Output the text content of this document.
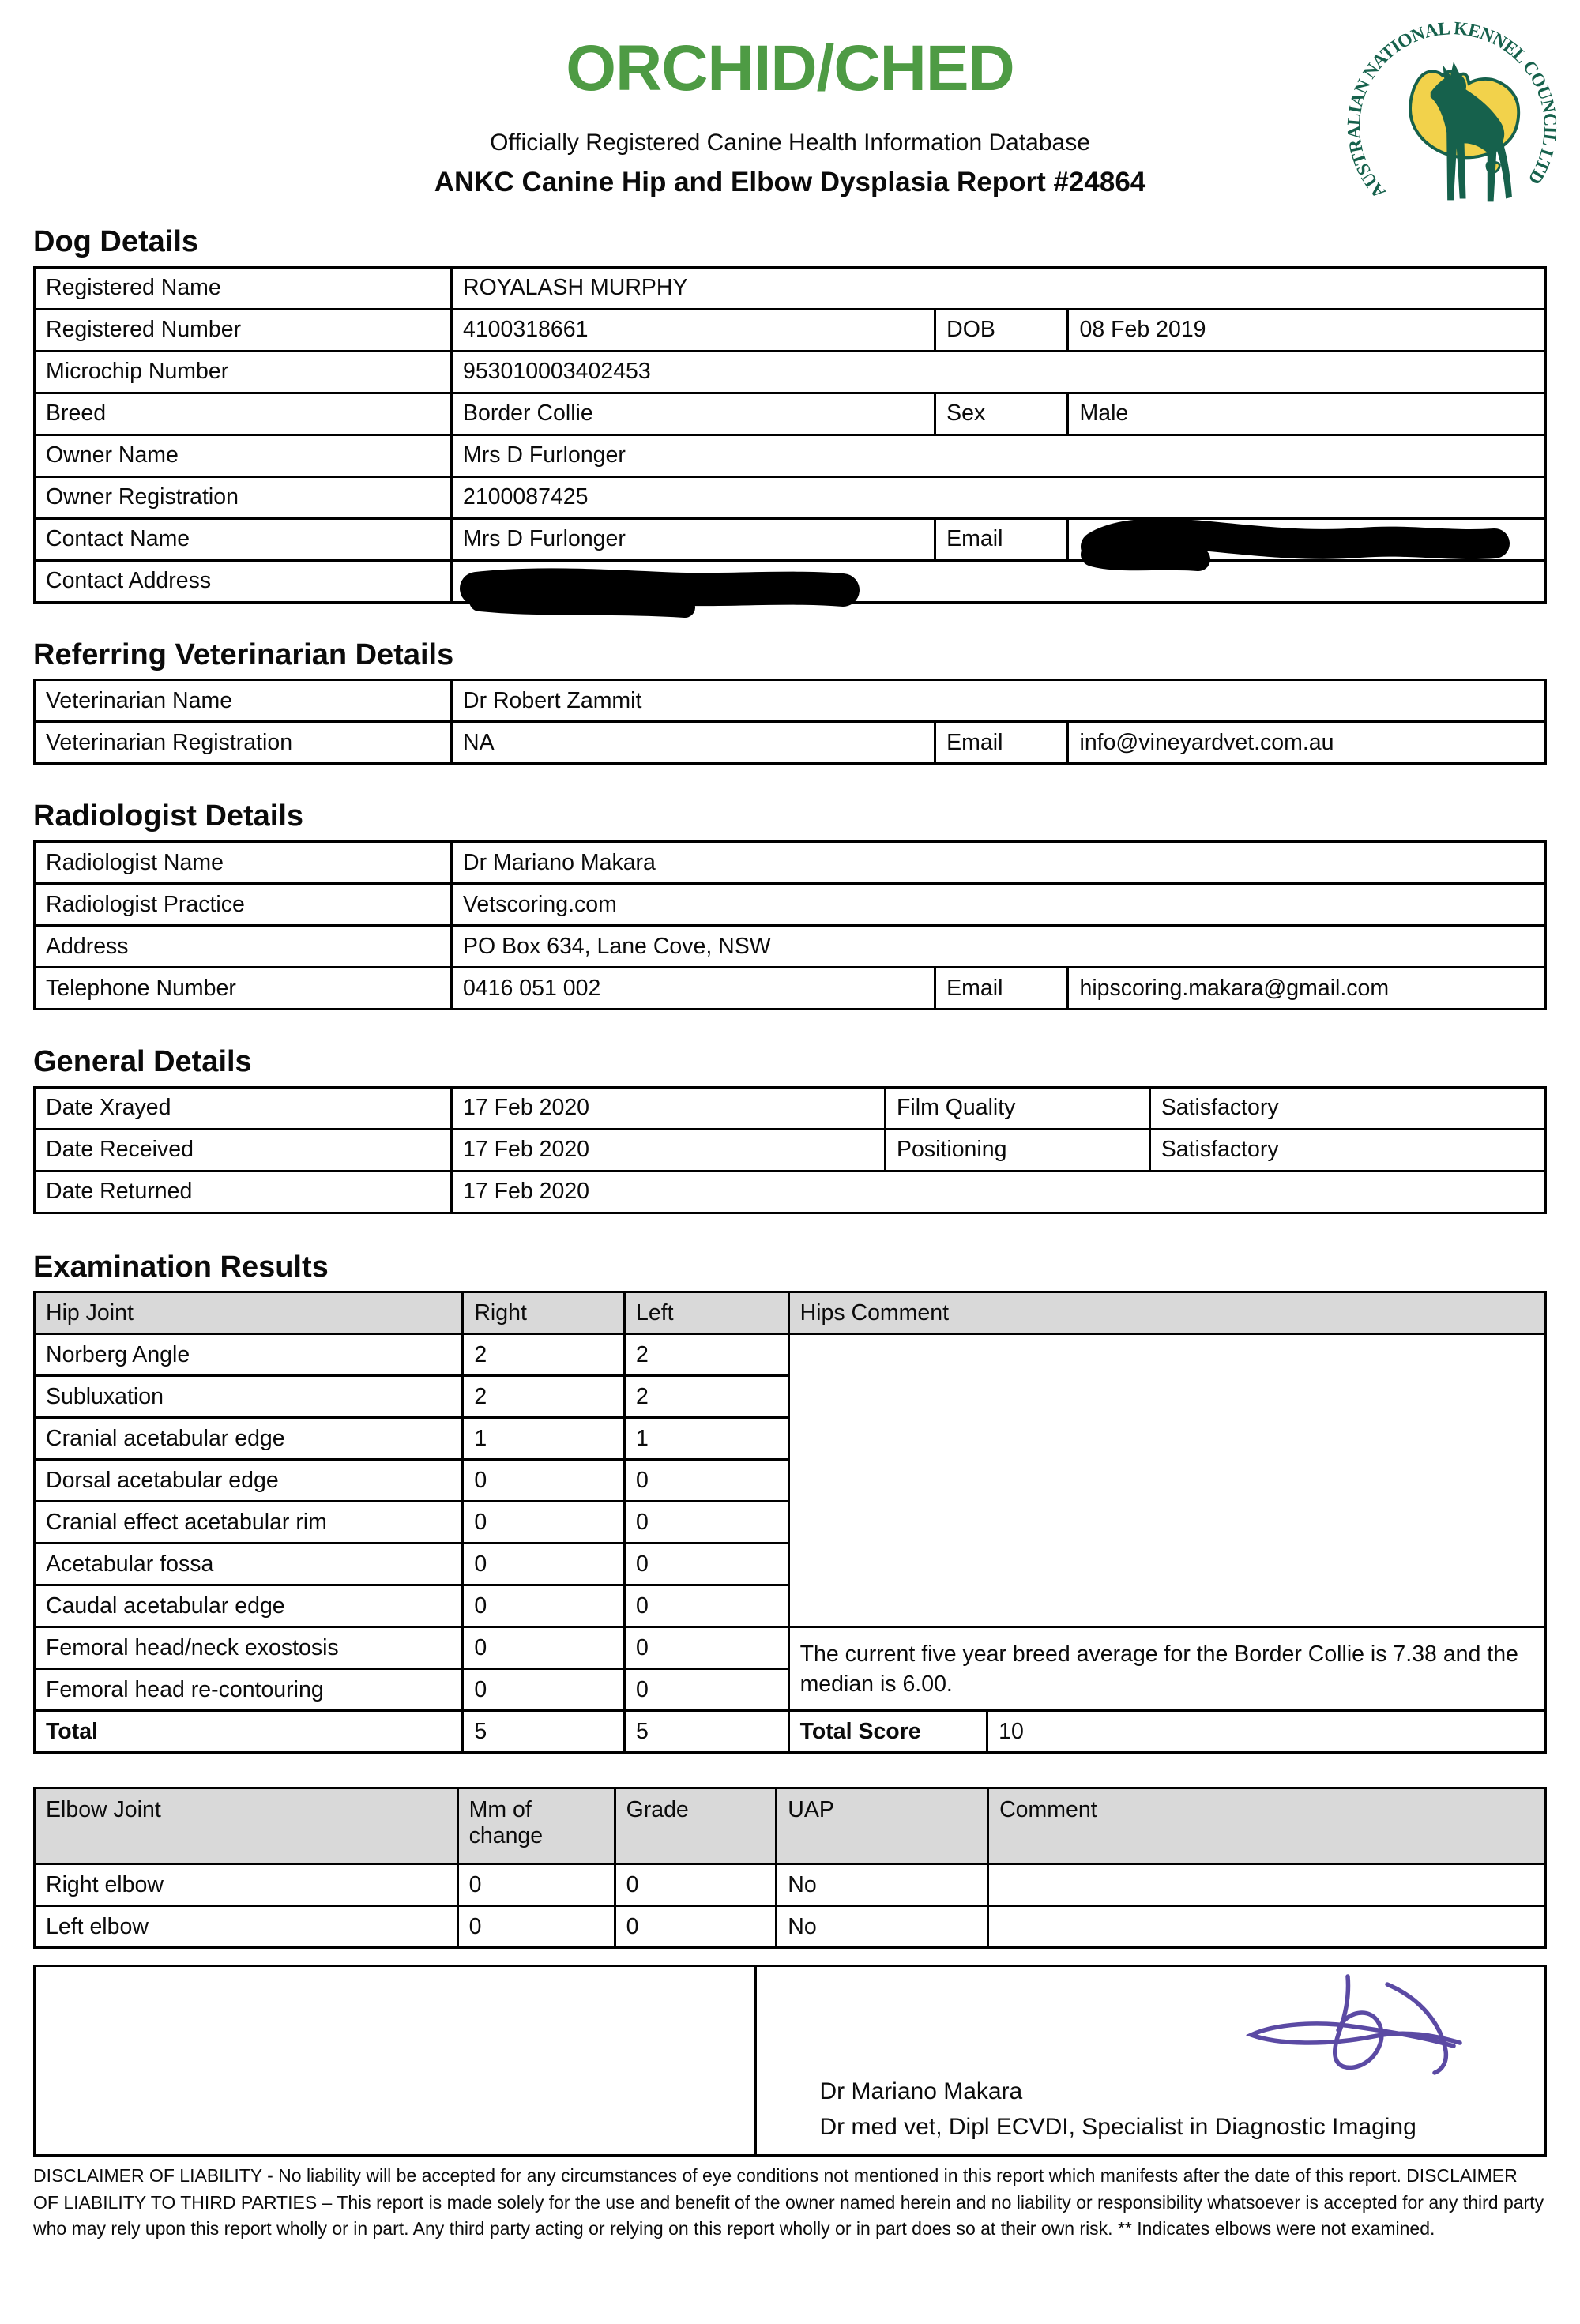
AUSTRALIAN NATIONAL KENNEL COUNCIL LTD
ORCHID/CHED
Officially Registered Canine Health Information Database
ANKC Canine Hip and Elbow Dysplasia Report #24864
Dog Details
Registered Name	ROYALASH MURPHY		
Registered Number	4100318661	DOB	08 Feb 2019
Microchip Number	953010003402453		
Breed	Border Collie	Sex	Male
Owner Name	Mrs D Furlonger		
Owner Registration	2100087425		
Contact Name	Mrs D Furlonger	Email	

Contact Address	
Referring Veterinarian Details
Veterinarian Name	Dr Robert Zammit		
Veterinarian Registration	NA	Email	info@vineyardvet.com.au
Radiologist Details
Radiologist Name	Dr Mariano Makara		
Radiologist Practice	Vetscoring.com		
Address	PO Box 634, Lane Cove, NSW		
Telephone Number	0416 051 002	Email	hipscoring.makara@gmail.com
General Details
Date Xrayed	17 Feb 2020	Film Quality	Satisfactory
Date Received	17 Feb 2020	Positioning	Satisfactory
Date Returned	17 Feb 2020		
Examination Results
Hip Joint	Right	Left	Hips Comment	
Norberg Angle	2	2		
Subluxation	2	2		
Cranial acetabular edge	1	1		
Dorsal acetabular edge	0	0		
Cranial effect acetabular rim	0	0		
Acetabular fossa	0	0		
Caudal acetabular edge	0	0		
Femoral head/neck exostosis	0	0	The current five year breed average for the Border Collie is 7.38 and the median is 6.00.	
Femoral head re-contouring	0	0		
Total	5	5	Total Score	10
Elbow Joint	Mm of change	Grade	UAP	Comment
Right elbow	0	0	No	
Left elbow	0	0	No	

Dr Mariano Makara
Dr med vet, Dipl ECVDI, Specialist in Diagnostic Imaging

DISCLAIMER OF LIABILITY - No liability will be accepted for any circumstances of eye conditions not mentioned in this report which manifests after the date of this report. DISCLAIMER OF LIABILITY TO THIRD PARTIES – This report is made solely for the use and benefit of the owner named herein and no liability or responsibility whatsoever is accepted for any third party who may rely upon this report wholly or in part. Any third party acting or relying on this report wholly or in part does so at their own risk. ** Indicates elbows were not examined.
